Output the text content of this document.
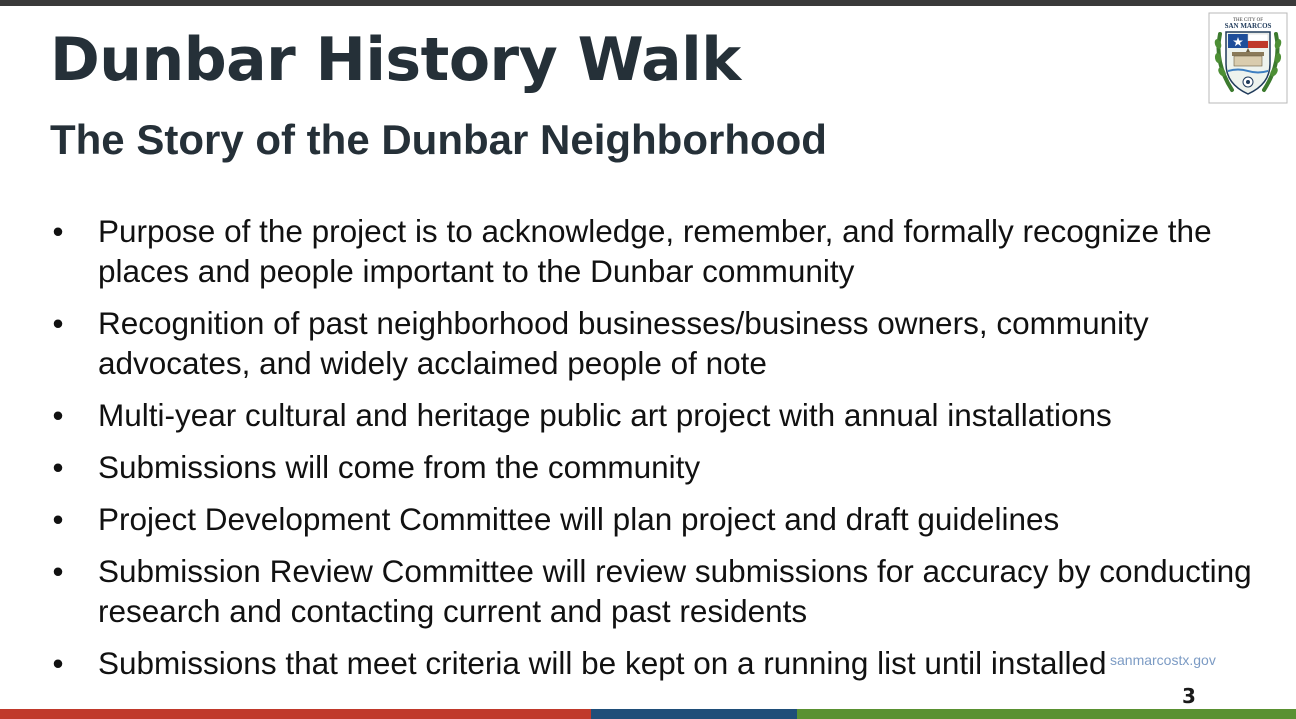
Dunbar History Walk
The Story of the Dunbar Neighborhood
THE CITY OF
SAN MARCOS
• Purpose of the project is to acknowledge, remember, and formally recognize the places and people important to the Dunbar community
• Recognition of past neighborhood businesses/business owners, community advocates, and widely acclaimed people of note
• Multi-year cultural and heritage public art project with annual installations
• Submissions will come from the community
• Project Development Committee will plan project and draft guidelines
• Submission Review Committee will review submissions for accuracy by conducting research and contacting current and past residents
• Submissions that meet criteria will be kept on a running list until installed sanmarcostx.gov
3
